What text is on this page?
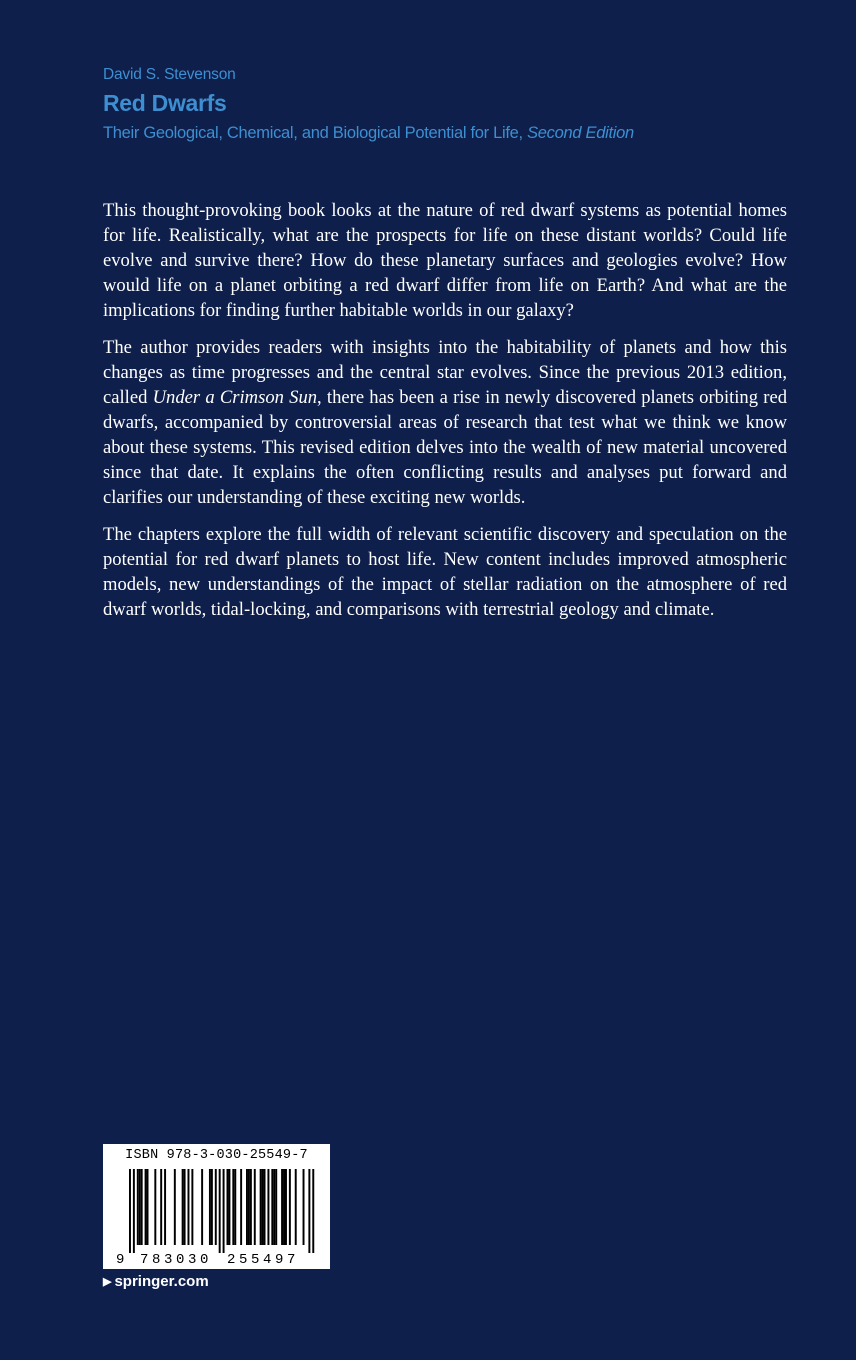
David S. Stevenson
Red Dwarfs
Their Geological, Chemical, and Biological Potential for Life, Second Edition

This thought-provoking book looks at the nature of red dwarf systems as potential homes for life. Realistically, what are the prospects for life on these distant worlds? Could life evolve and survive there? How do these planetary surfaces and geologies evolve? How would life on a planet orbiting a red dwarf differ from life on Earth? And what are the implications for finding further habitable worlds in our galaxy?

The author provides readers with insights into the habitability of planets and how this changes as time progresses and the central star evolves. Since the previous 2013 edition, called Under a Crimson Sun, there has been a rise in newly discovered planets orbiting red dwarfs, accompanied by controversial areas of research that test what we think we know about these systems. This revised edition delves into the wealth of new material uncovered since that date. It explains the often conflicting results and analyses put forward and clarifies our understanding of these exciting new worlds.

The chapters explore the full width of relevant scientific discovery and speculation on the potential for red dwarf planets to host life. New content includes improved atmospheric models, new understandings of the impact of stellar radiation on the atmosphere of red dwarf worlds, tidal-locking, and comparisons with terrestrial geology and climate.

ISBN 978-3-030-25549-7
9 783030 255497
▶ springer.com
